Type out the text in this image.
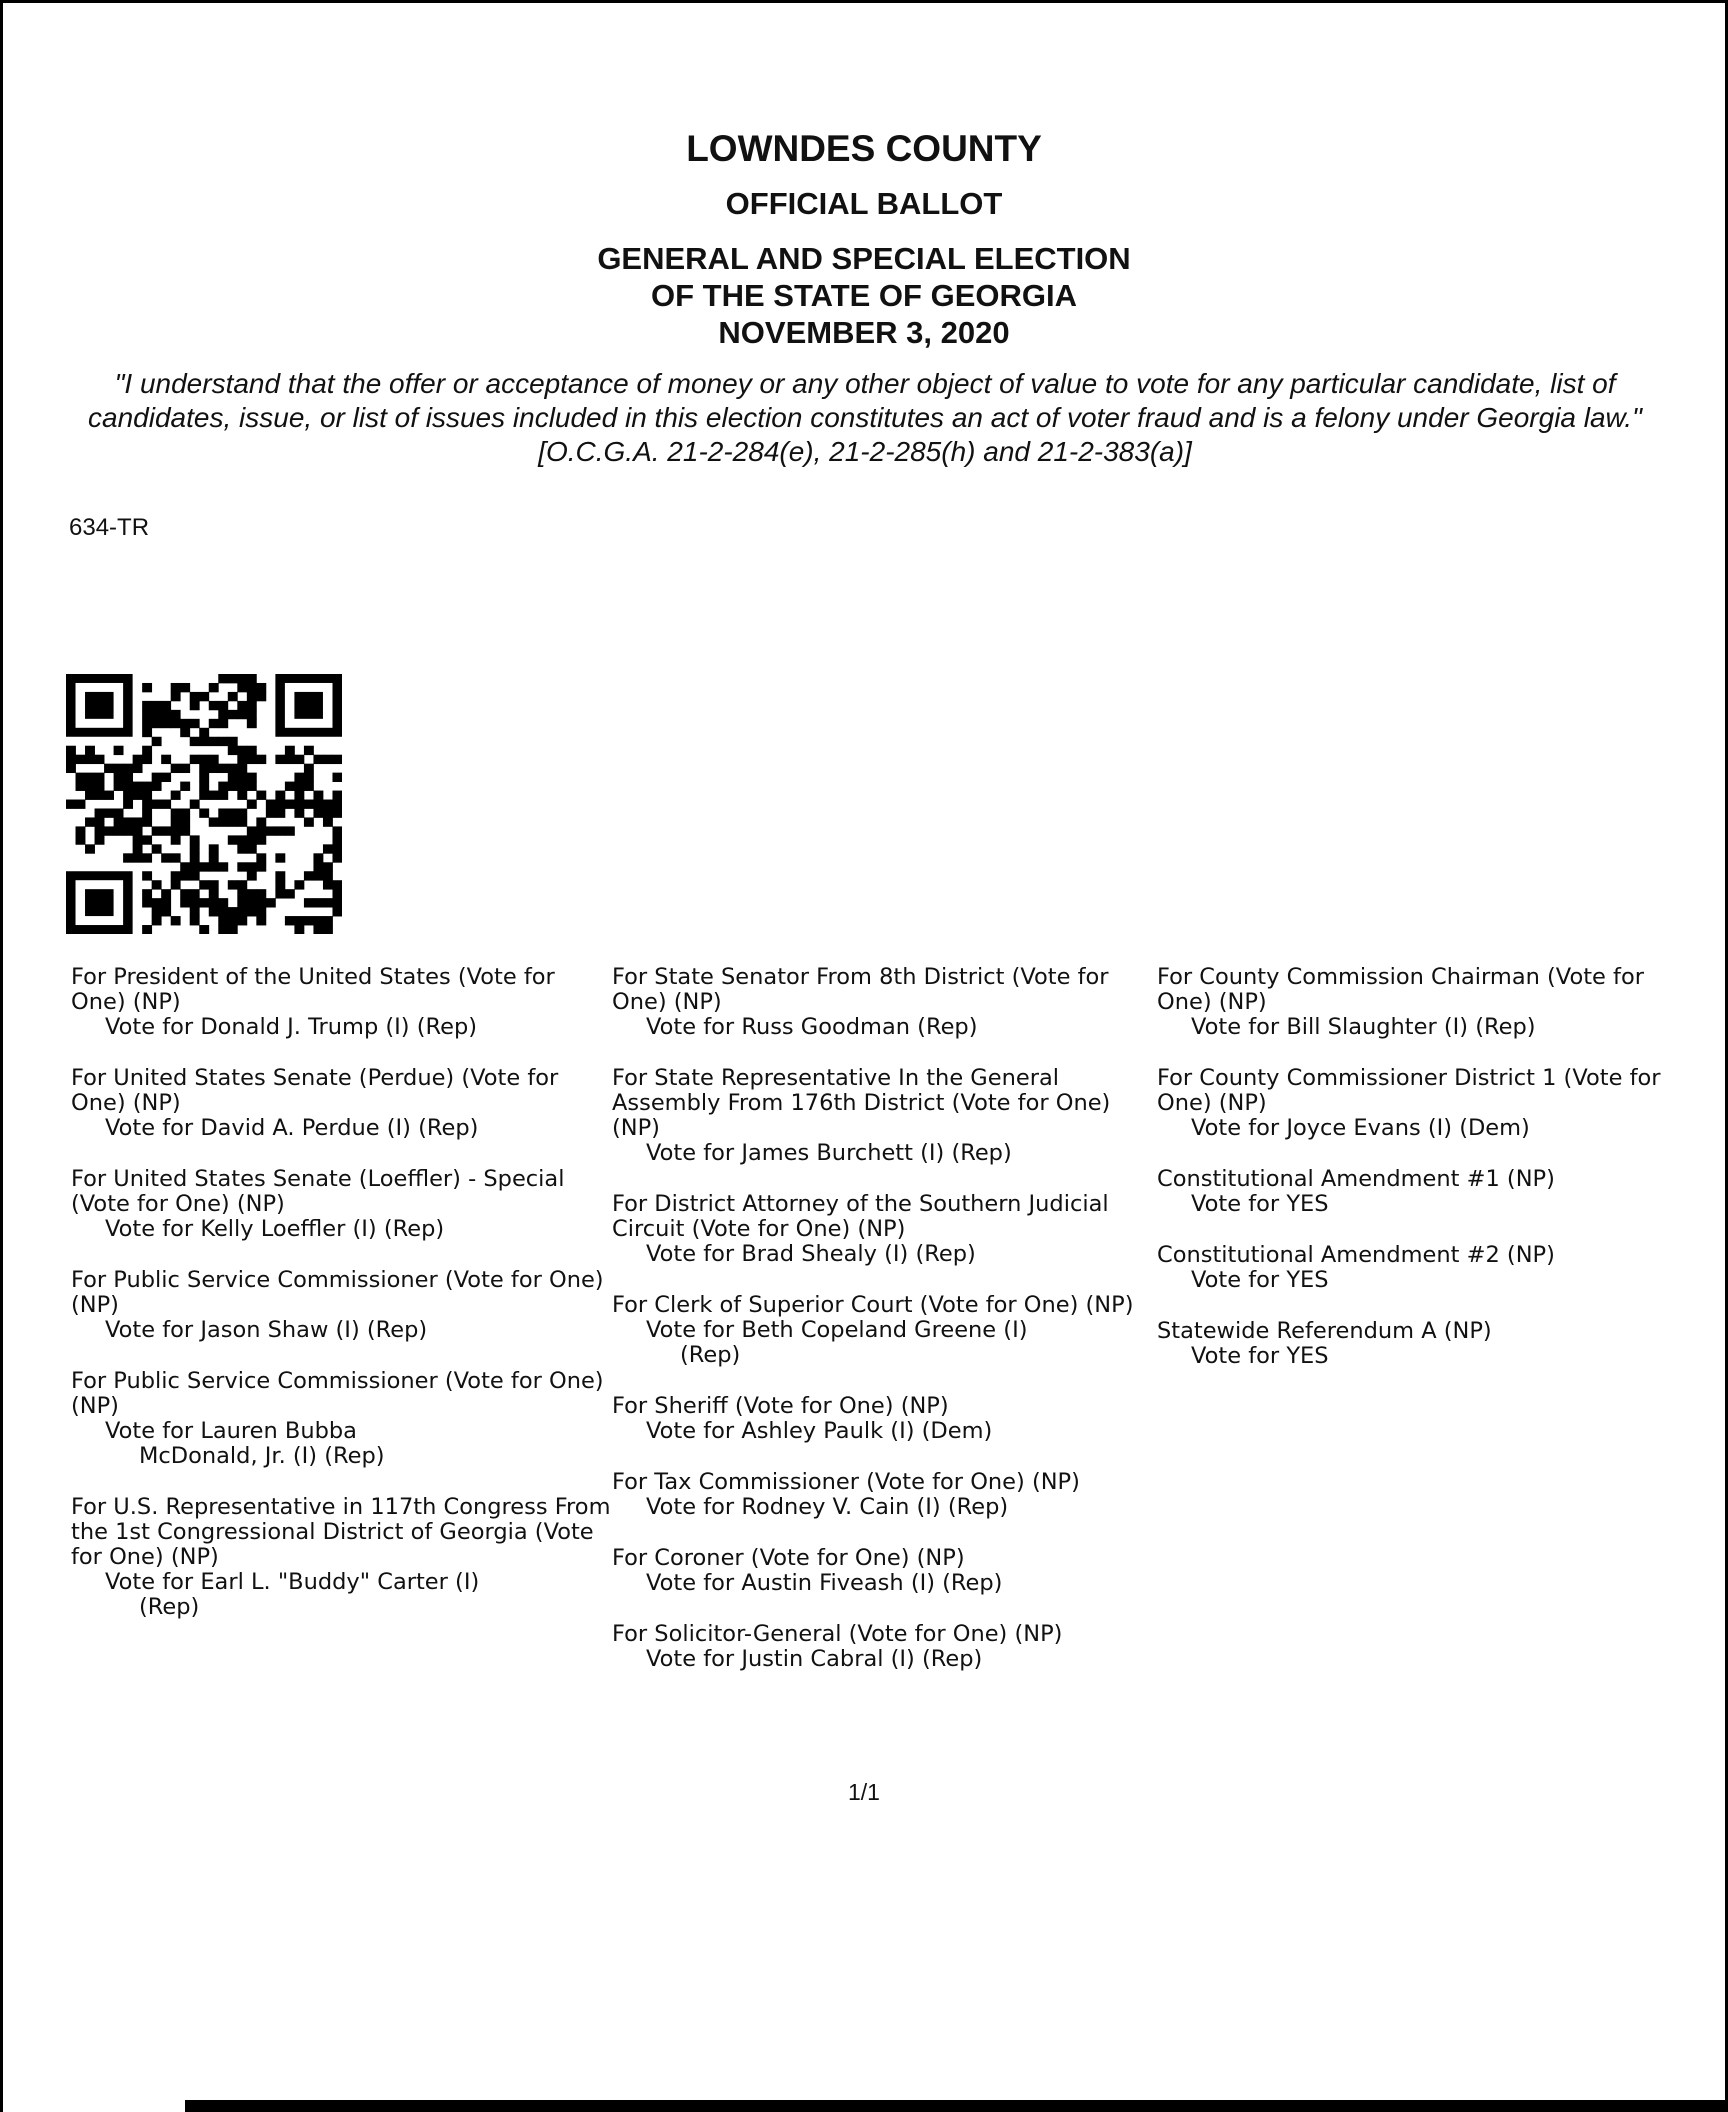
LOWNDES COUNTY
OFFICIAL BALLOT
GENERAL AND SPECIAL ELECTION
OF THE STATE OF GEORGIA
NOVEMBER 3, 2020
"I understand that the offer or acceptance of money or any other object of value to vote for any particular candidate, list of candidates, issue, or list of issues included in this election constitutes an act of voter fraud and is a felony under Georgia law." [O.C.G.A. 21-2-284(e), 21-2-285(h) and 21-2-383(a)]
634-TR
For President of the United States (Vote for One) (NP)
Vote for Donald J. Trump (I) (Rep)
For United States Senate (Perdue) (Vote for One) (NP)
Vote for David A. Perdue (I) (Rep)
For United States Senate (Loeffler) - Special (Vote for One) (NP)
Vote for Kelly Loeffler (I) (Rep)
For Public Service Commissioner (Vote for One) (NP)
Vote for Jason Shaw (I) (Rep)
For Public Service Commissioner (Vote for One) (NP)
Vote for Lauren Bubba
McDonald, Jr. (I) (Rep)
For U.S. Representative in 117th Congress From the 1st Congressional District of Georgia (Vote for One) (NP)
Vote for Earl L. "Buddy" Carter (I)
(Rep)
For State Senator From 8th District (Vote for One) (NP)
Vote for Russ Goodman (Rep)
For State Representative In the General Assembly From 176th District (Vote for One) (NP)
Vote for James Burchett (I) (Rep)
For District Attorney of the Southern Judicial Circuit (Vote for One) (NP)
Vote for Brad Shealy (I) (Rep)
For Clerk of Superior Court (Vote for One) (NP)
Vote for Beth Copeland Greene (I)
(Rep)
For Sheriff (Vote for One) (NP)
Vote for Ashley Paulk (I) (Dem)
For Tax Commissioner (Vote for One) (NP)
Vote for Rodney V. Cain (I) (Rep)
For Coroner (Vote for One) (NP)
Vote for Austin Fiveash (I) (Rep)
For Solicitor-General (Vote for One) (NP)
Vote for Justin Cabral (I) (Rep)
For County Commission Chairman (Vote for One) (NP)
Vote for Bill Slaughter (I) (Rep)
For County Commissioner District 1 (Vote for One) (NP)
Vote for Joyce Evans (I) (Dem)
Constitutional Amendment #1 (NP)
Vote for YES
Constitutional Amendment #2 (NP)
Vote for YES
Statewide Referendum A (NP)
Vote for YES
1/1
